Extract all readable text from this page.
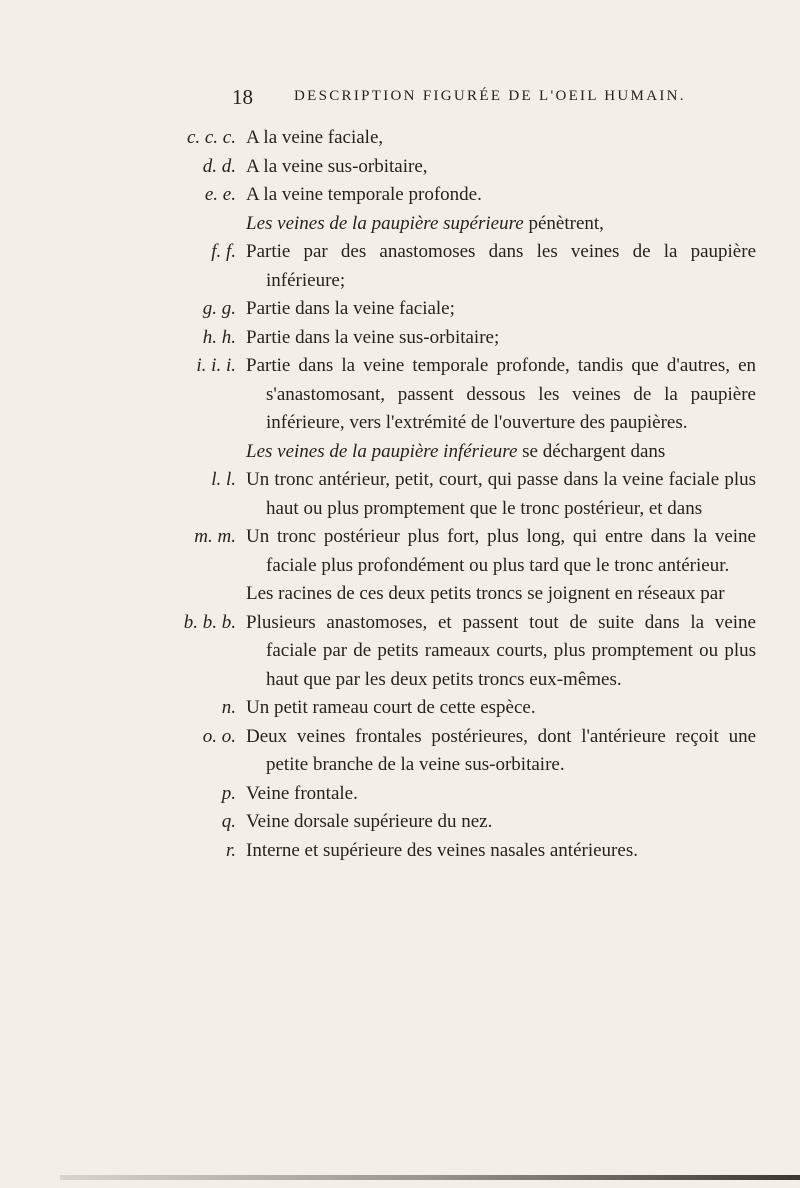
18	DESCRIPTION FIGURÉE DE L'OEIL HUMAIN.
c. c. c. A la veine faciale,
d. d. A la veine sus-orbitaire,
e. e. A la veine temporale profonde.
Les veines de la paupière supérieure pénètrent,
f. f. Partie par des anastomoses dans les veines de la paupière inférieure;
g. g. Partie dans la veine faciale;
h. h. Partie dans la veine sus-orbitaire;
i. i. i. Partie dans la veine temporale profonde, tandis que d'autres, en s'anastomosant, passent dessous les veines de la paupière inférieure, vers l'extrémité de l'ouverture des paupières.
Les veines de la paupière inférieure se déchargent dans
l. l. Un tronc antérieur, petit, court, qui passe dans la veine faciale plus haut ou plus promptement que le tronc postérieur, et dans
m. m. Un tronc postérieur plus fort, plus long, qui entre dans la veine faciale plus profondément ou plus tard que le tronc antérieur.
Les racines de ces deux petits troncs se joignent en réseaux par
b. b. b. Plusieurs anastomoses, et passent tout de suite dans la veine faciale par de petits rameaux courts, plus promptement ou plus haut que par les deux petits troncs eux-mêmes.
n. Un petit rameau court de cette espèce.
o. o. Deux veines frontales postérieures, dont l'antérieure reçoit une petite branche de la veine sus-orbitaire.
p. Veine frontale.
q. Veine dorsale supérieure du nez.
r. Interne et supérieure des veines nasales antérieures.
